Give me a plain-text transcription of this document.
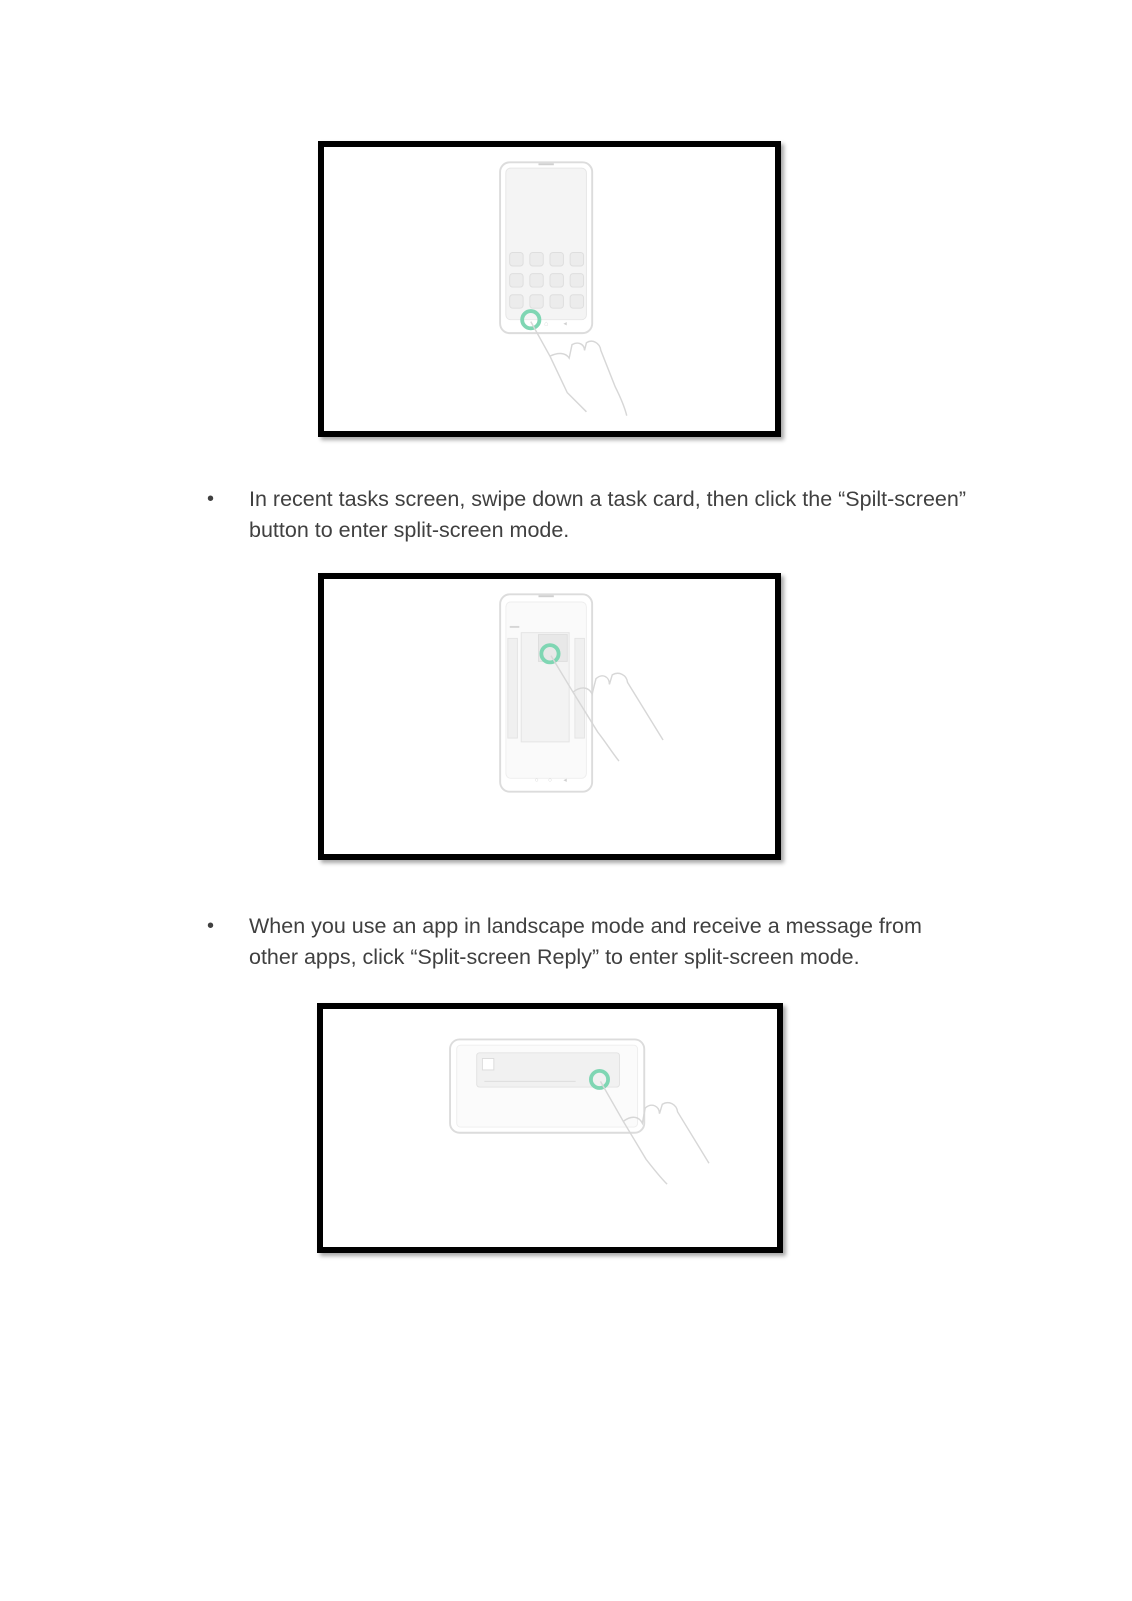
⌂ ◂
•	In recent tasks screen, swipe down a task card, then click the “Spilt-screen” button to enter split-screen mode.
○ ○ ◂
•	When you use an app in landscape mode and receive a message from other apps, click “Split-screen Reply” to enter split-screen mode.
